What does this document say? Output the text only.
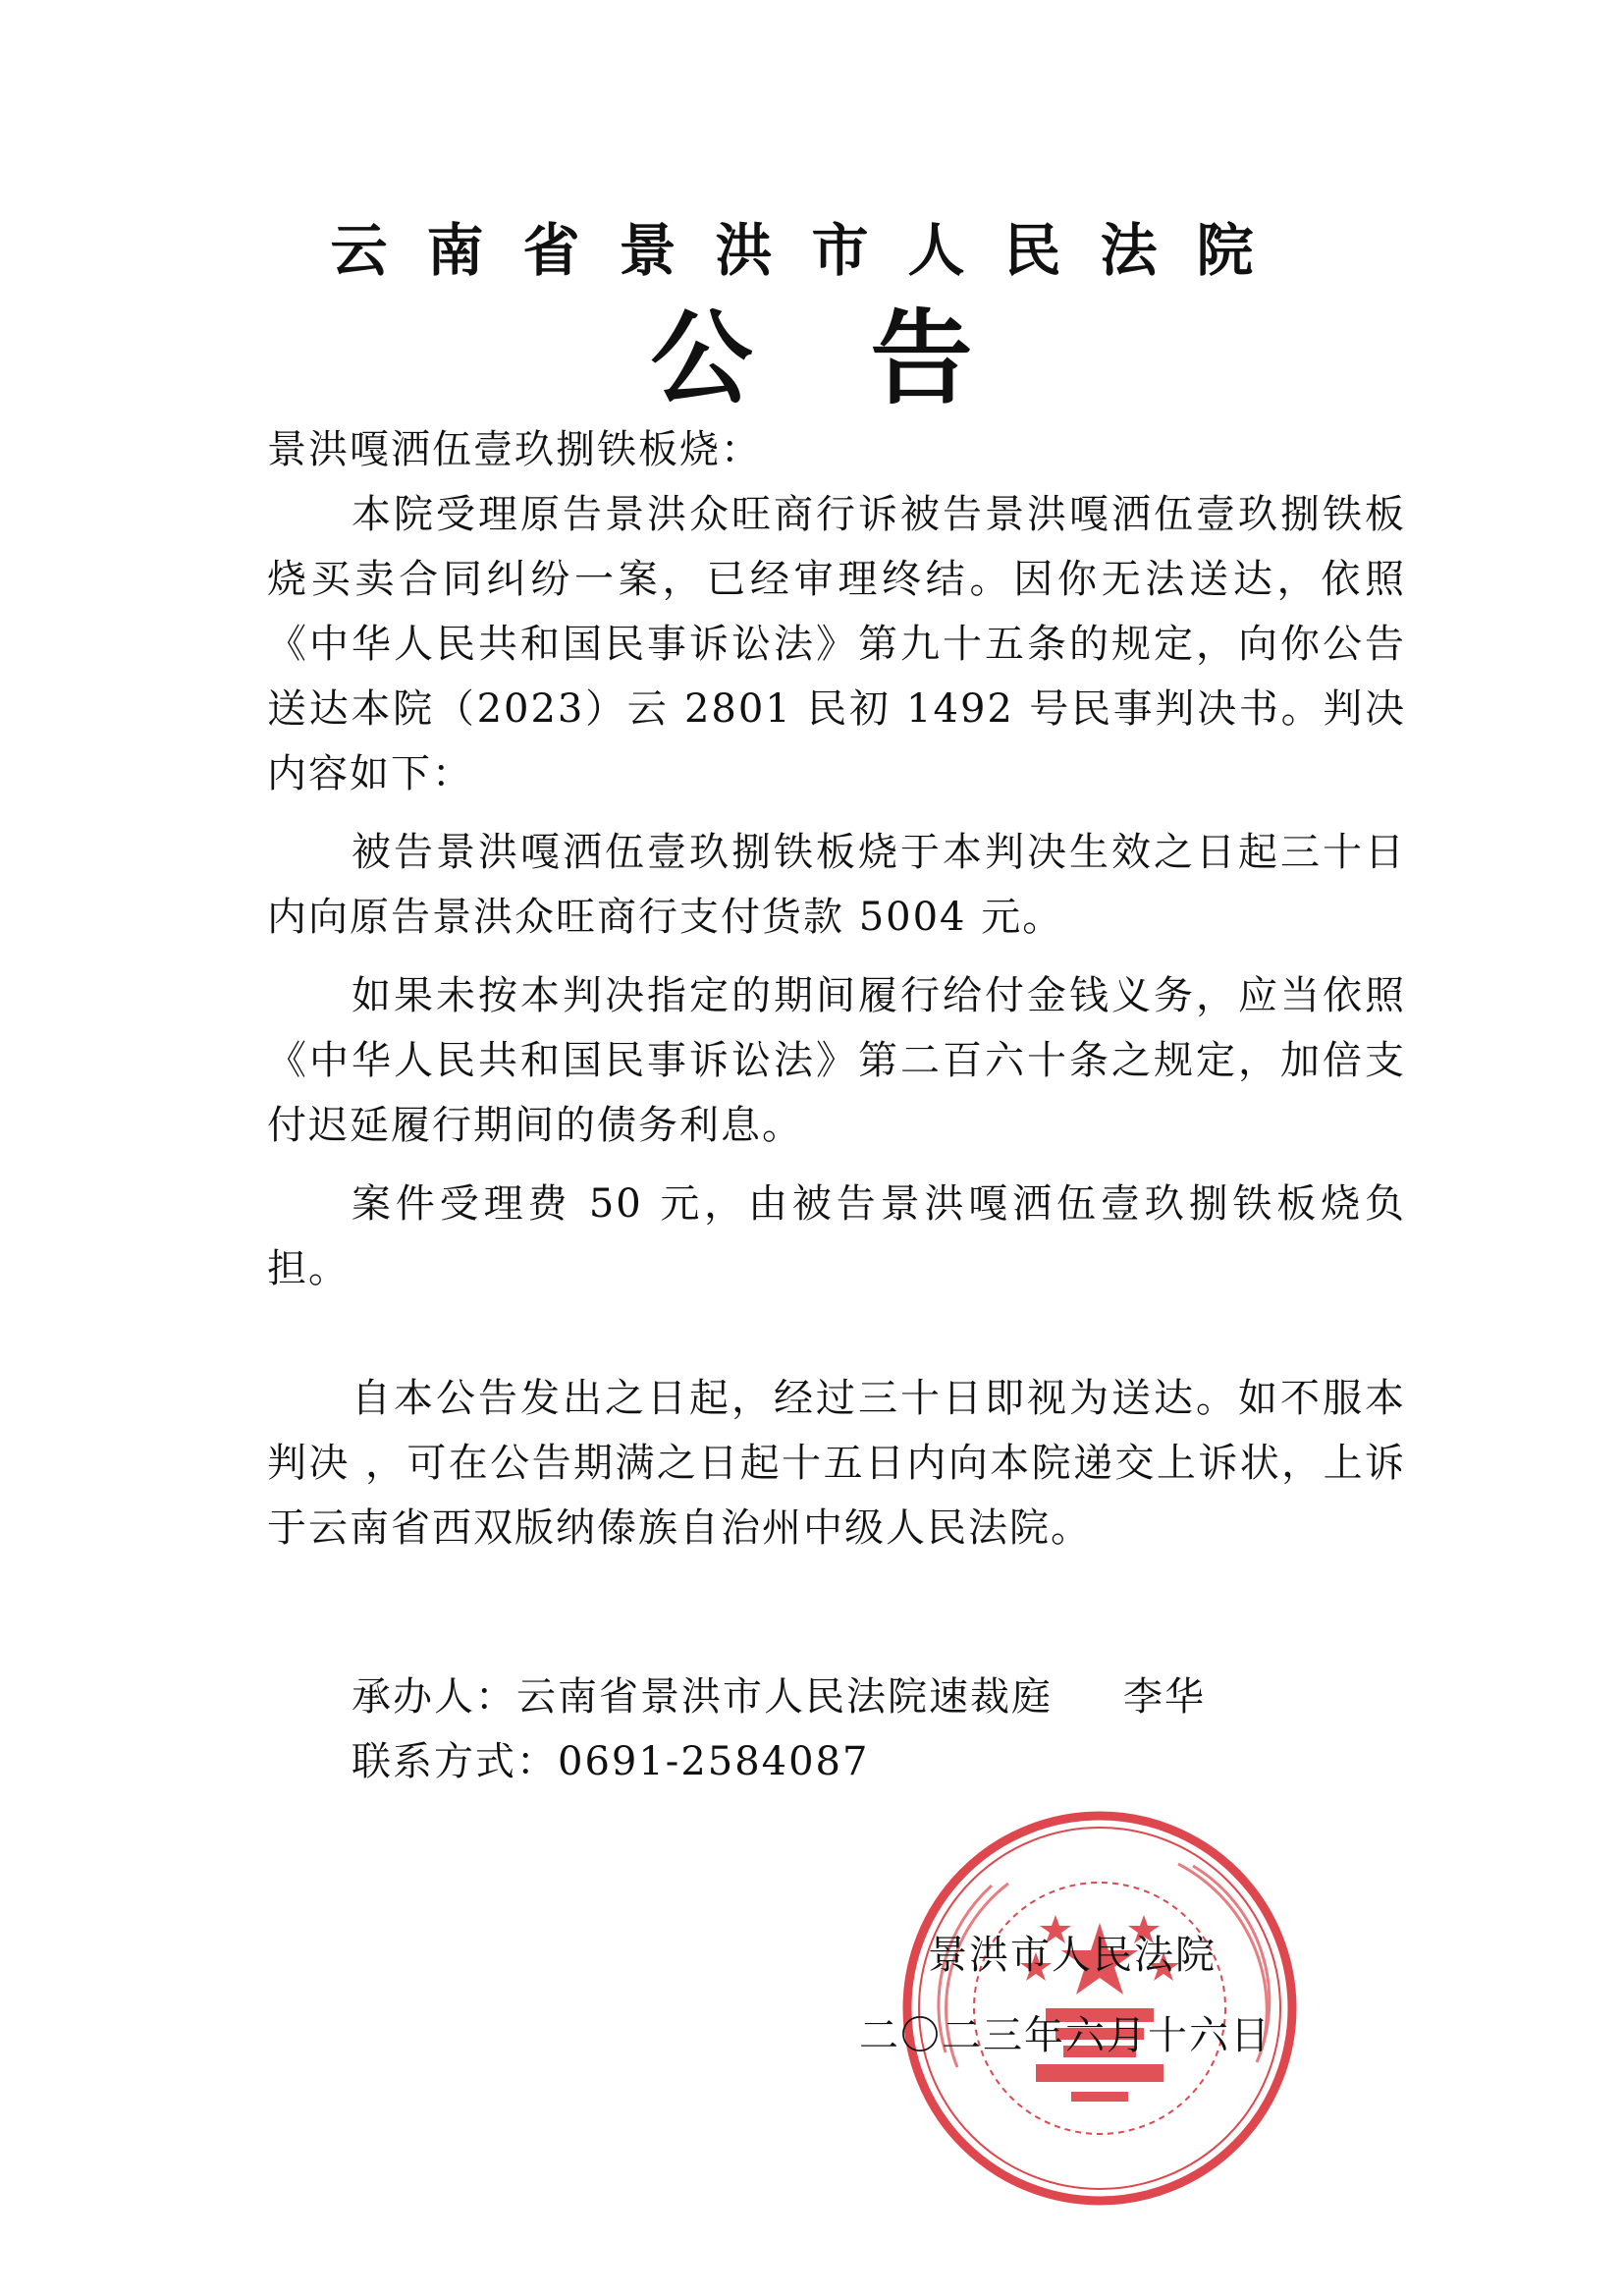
云南省景洪市人民法院
公告

景洪嘎洒伍壹玖捌铁板烧：

本院受理原告景洪众旺商行诉被告景洪嘎洒伍壹玖捌铁板烧买卖合同纠纷一案，已经审理终结。因你无法送达，依照《中华人民共和国民事诉讼法》第九十五条的规定，向你公告送达本院（2023）云 2801 民初 1492 号民事判决书。判决内容如下：

被告景洪嘎洒伍壹玖捌铁板烧于本判决生效之日起三十日内向原告景洪众旺商行支付货款 5004 元。

如果未按本判决指定的期间履行给付金钱义务，应当依照《中华人民共和国民事诉讼法》第二百六十条之规定，加倍支付迟延履行期间的债务利息。

案件受理费 50 元，由被告景洪嘎洒伍壹玖捌铁板烧负担。

自本公告发出之日起，经过三十日即视为送达。如不服本判决 ，可在公告期满之日起十五日内向本院递交上诉状，上诉于云南省西双版纳傣族自治州中级人民法院。

承办人：云南省景洪市人民法院速裁庭 李华

联系方式：0691-2584087

景洪市人民法院

二〇二三年六月十六日
